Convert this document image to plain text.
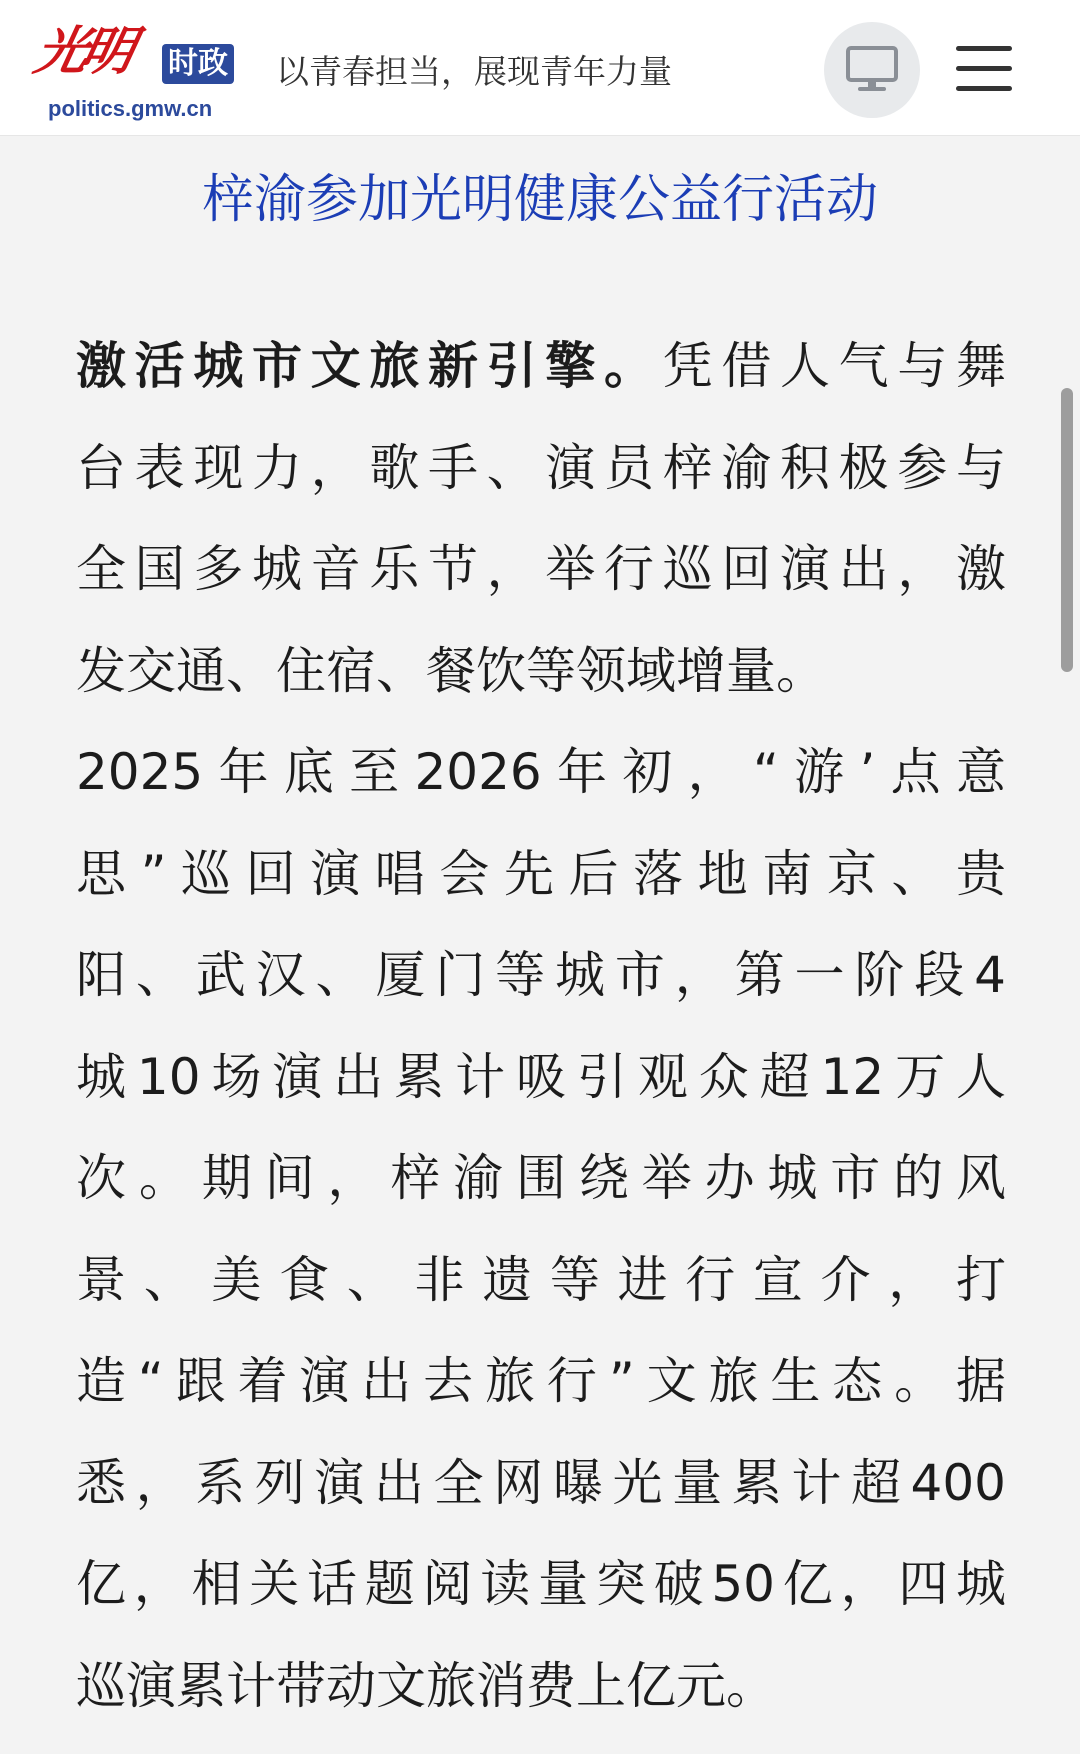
光明 时政
politics.gmw.cn
以青春担当，展现青年力量
梓渝参加光明健康公益行活动
激活城市文旅新引擎。凭借人气与舞
台表现力，歌手、演员梓渝积极参与
全国多城音乐节，举行巡回演出，激
发交通、住宿、餐饮等领域增量。
2025年底至2026年初，“游’点意
思”巡回演唱会先后落地南京、贵
阳、武汉、厦门等城市，第一阶段4
城10场演出累计吸引观众超12万人
次。期间，梓渝围绕举办城市的风
景、美食、非遗等进行宣介，打
造“跟着演出去旅行”文旅生态。据
悉，系列演出全网曝光量累计超400
亿，相关话题阅读量突破50亿，四城
巡演累计带动文旅消费上亿元。
